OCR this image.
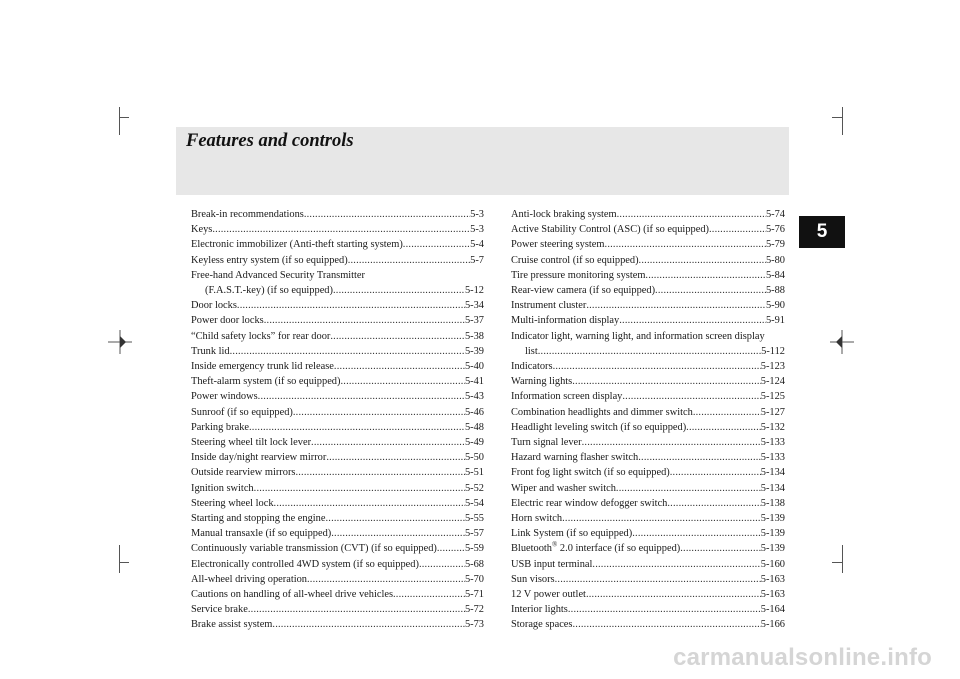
Features and controls
5
Break-in recommendations .....	5-3
Keys .....	5-3
Electronic immobilizer (Anti-theft starting system) .....	5-4
Keyless entry system (if so equipped) .....	5-7
Free-hand Advanced Security Transmitter
(F.A.S.T.-key) (if so equipped) .....	5-12
Door locks .....	5-34
Power door locks .....	5-37
“Child safety locks” for rear door .....	5-38
Trunk lid .....	5-39
Inside emergency trunk lid release .....	5-40
Theft-alarm system (if so equipped) .....	5-41
Power windows .....	5-43
Sunroof (if so equipped) .....	5-46
Parking brake .....	5-48
Steering wheel tilt lock lever .....	5-49
Inside day/night rearview mirror .....	5-50
Outside rearview mirrors .....	5-51
Ignition switch .....	5-52
Steering wheel lock .....	5-54
Starting and stopping the engine .....	5-55
Manual transaxle (if so equipped) .....	5-57
Continuously variable transmission (CVT) (if so equipped) .....	5-59
Electronically controlled 4WD system (if so equipped) .....	5-68
All-wheel driving operation .....	5-70
Cautions on handling of all-wheel drive vehicles .....	5-71
Service brake .....	5-72
Brake assist system .....	5-73
Anti-lock braking system .....	5-74
Active Stability Control (ASC) (if so equipped) .....	5-76
Power steering system .....	5-79
Cruise control (if so equipped) .....	5-80
Tire pressure monitoring system .....	5-84
Rear-view camera (if so equipped) .....	5-88
Instrument cluster .....	5-90
Multi-information display .....	5-91
Indicator light, warning light, and information screen display
list .....	5-112
Indicators .....	5-123
Warning lights .....	5-124
Information screen display .....	5-125
Combination headlights and dimmer switch .....	5-127
Headlight leveling switch (if so equipped) .....	5-132
Turn signal lever .....	5-133
Hazard warning flasher switch .....	5-133
Front fog light switch (if so equipped) .....	5-134
Wiper and washer switch .....	5-134
Electric rear window defogger switch .....	5-138
Horn switch .....	5-139
Link System (if so equipped) .....	5-139
Bluetooth® 2.0 interface (if so equipped) .....	5-139
USB input terminal .....	5-160
Sun visors .....	5-163
12 V power outlet .....	5-163
Interior lights .....	5-164
Storage spaces .....	5-166
carmanualsonline.info
